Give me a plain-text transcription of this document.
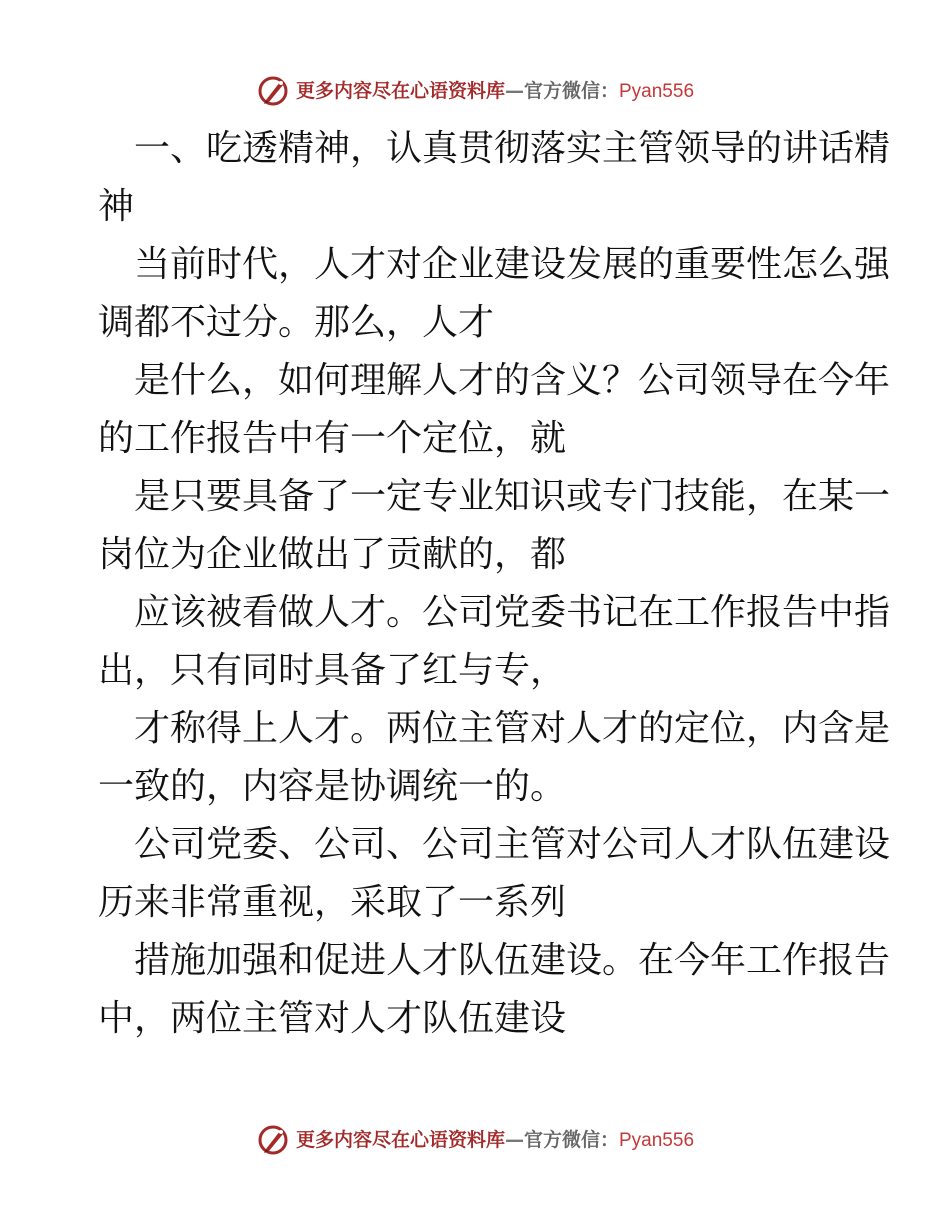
更多内容尽在心语资料库—官方微信：Pyan556

一、吃透精神，认真贯彻落实主管领导的讲话精
神

当前时代，人才对企业建设发展的重要性怎么强
调都不过分。那么，人才

是什么，如何理解人才的含义？公司领导在今年
的工作报告中有一个定位，就

是只要具备了一定专业知识或专门技能，在某一
岗位为企业做出了贡献的，都

应该被看做人才。公司党委书记在工作报告中指
出，只有同时具备了红与专，

才称得上人才。两位主管对人才的定位，内含是
一致的，内容是协调统一的。

公司党委、公司、公司主管对公司人才队伍建设
历来非常重视，采取了一系列

措施加强和促进人才队伍建设。在今年工作报告
中，两位主管对人才队伍建设

更多内容尽在心语资料库—官方微信：Pyan556
